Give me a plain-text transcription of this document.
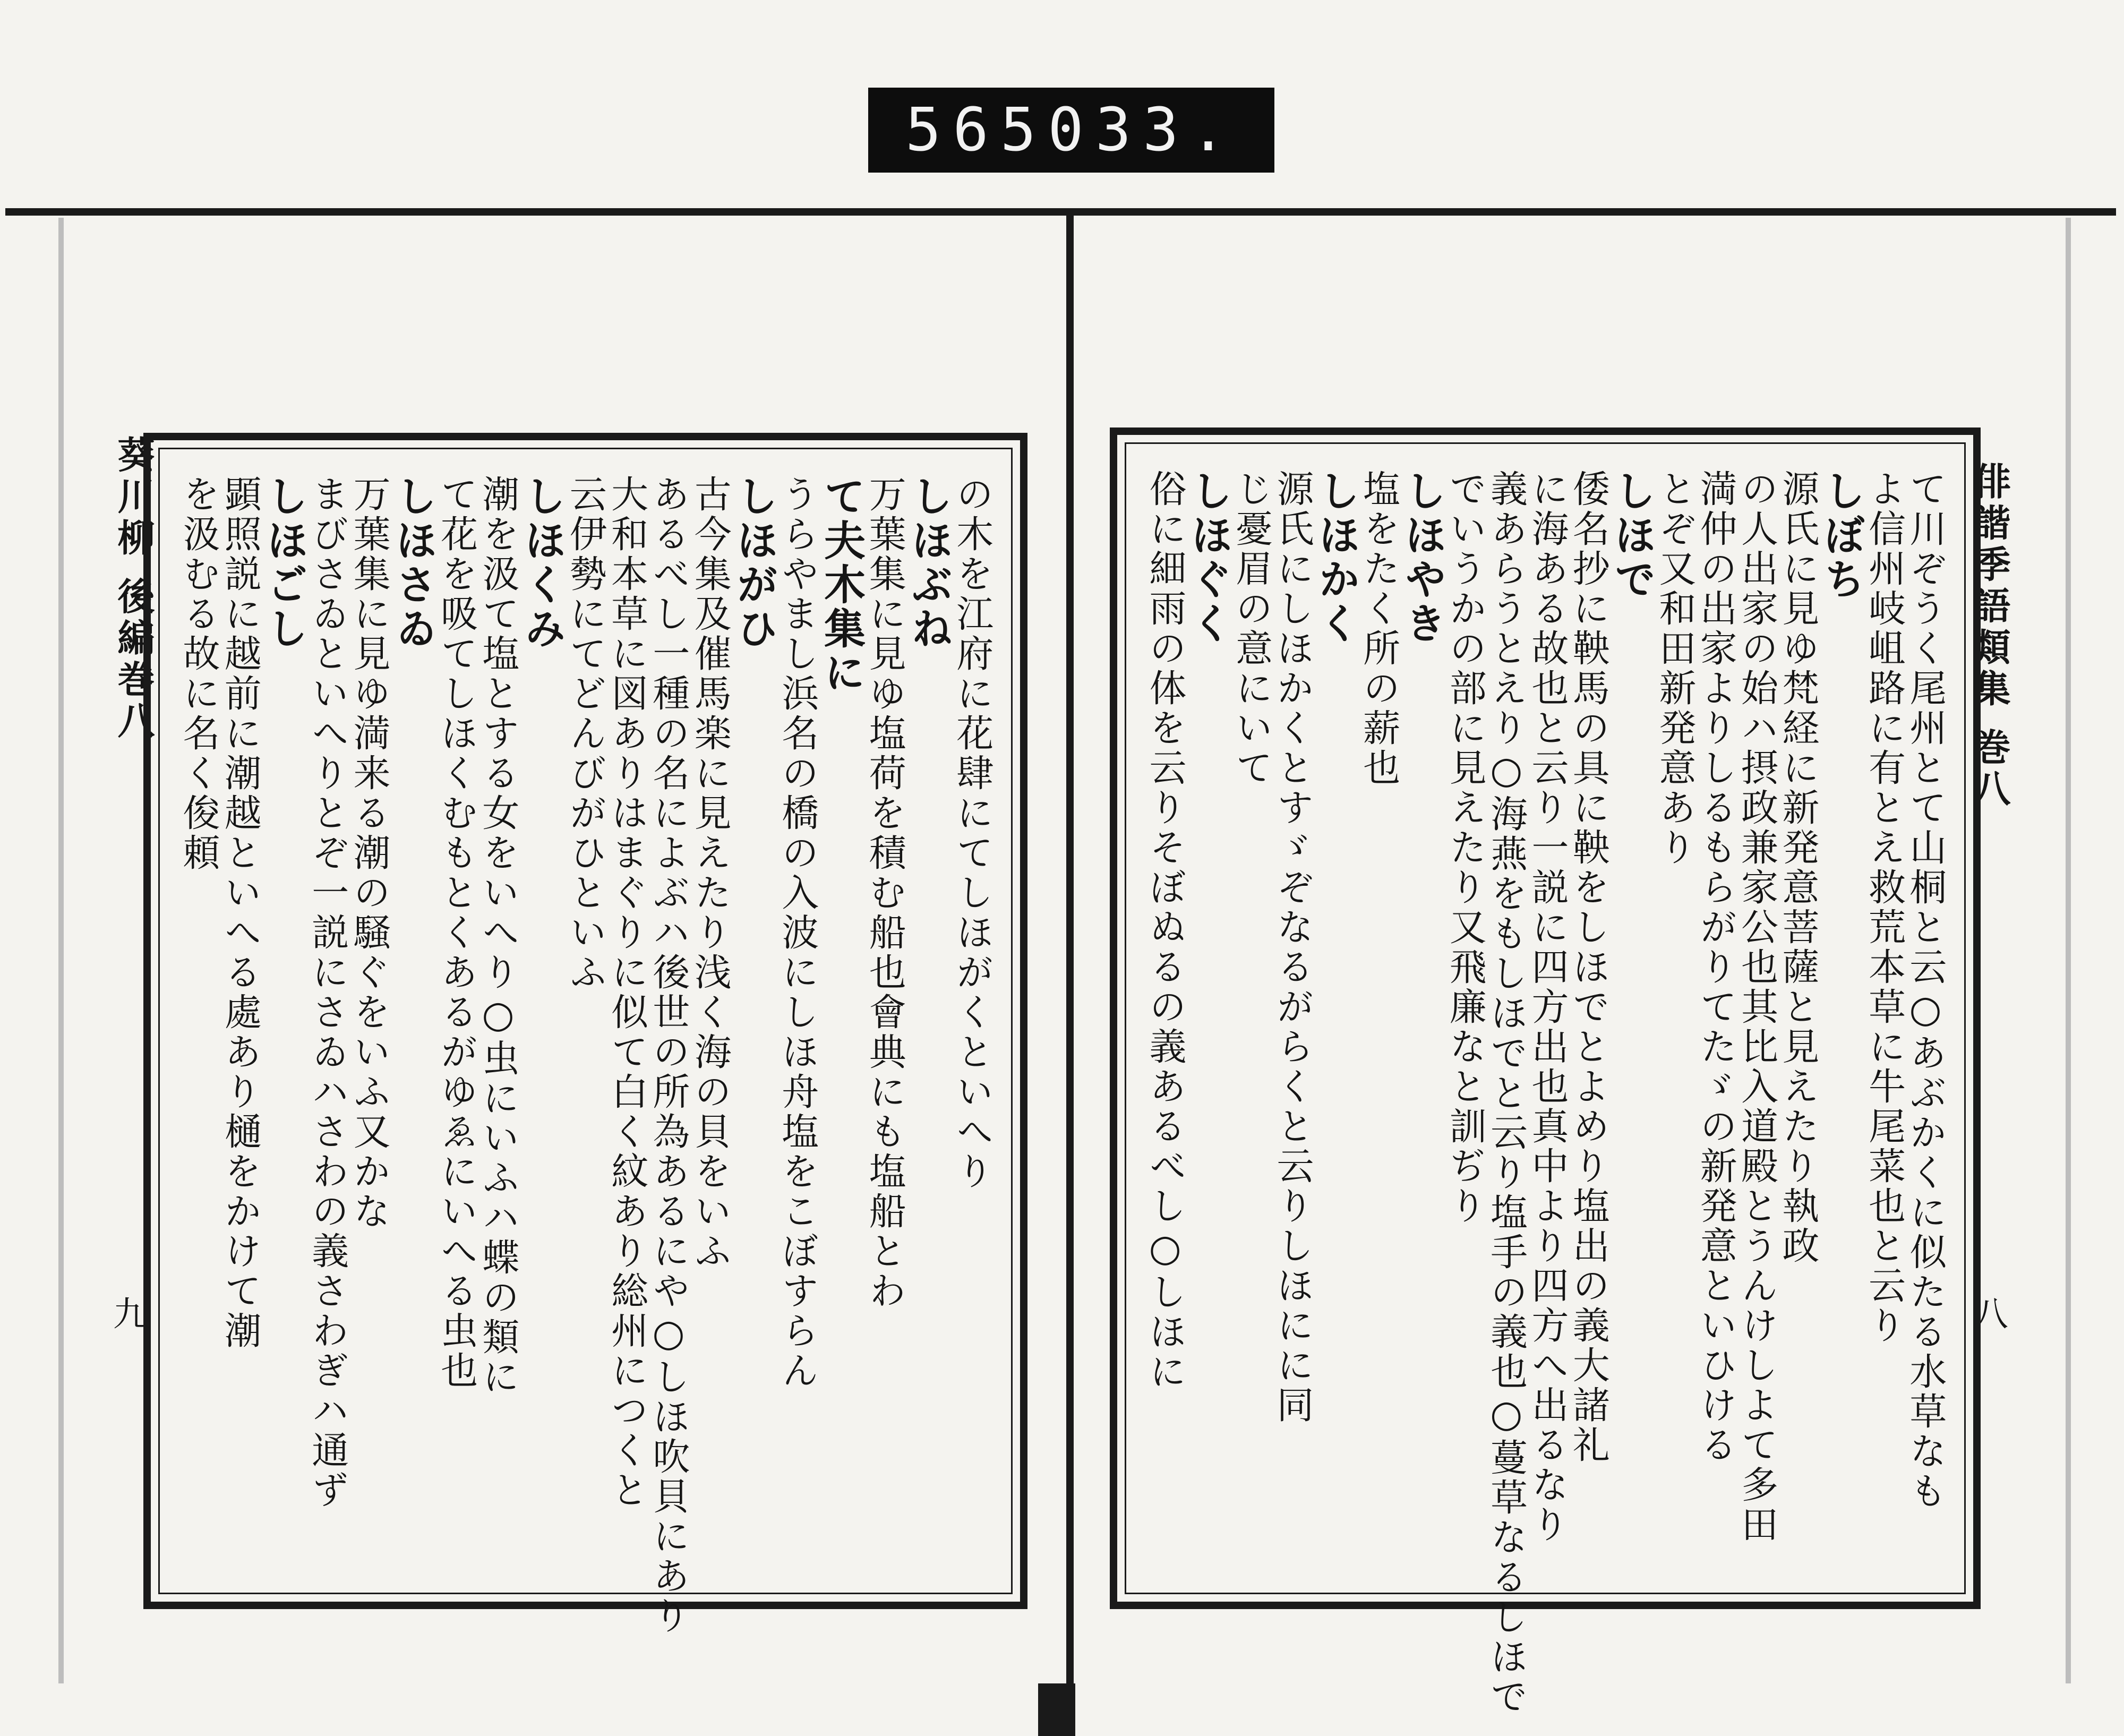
565 033.
葵川柳 後編巻八
九
俳諧季語類集 巻八
八
て川ぞうく尾州とて山桐と云○あぶかくに似たる水草なも
よ信州岐岨路に有とえ救荒本草に牛尾菜也と云り
しぼち
源氏に見ゆ梵経に新発意菩薩と見えたり執政
の人出家の始ハ摂政兼家公也其比入道殿とうんけしよて多田
満仲の出家よりしるもらがりてたゞの新発意といひける
とぞ又和田新発意あり
しほで
倭名抄に鞅馬の具に鞅をしほでとよめり塩出の義大諸礼
に海ある故也と云り一説に四方出也真中より四方へ出るなり
義あらうとえり○海燕をもしほでと云り塩手の義也○蔓草なるしほで
でいうかの部に見えたり又飛廉なと訓ぢり
しほやき
塩をたく所の薪也
しほかく
源氏にしほかくとすゞぞなるがらくと云りしほにに同
じ憂眉の意にいて
しほぐく
俗に細雨の体を云りそぼぬるの義あるべし○しほに
の木を江府に花肆にてしほがくといへり
しほぶね
万葉集に見ゆ塩荷を積む船也會典にも塩船とわ
て夫木集に
うらやまし浜名の橋の入波にしほ舟塩をこぼすらん
しほがひ
古今集及催馬楽に見えたり浅く海の貝をいふ
あるべし一種の名によぶハ後世の所為あるにや○しほ吹貝にあり
大和本草に図ありはまぐりに似て白く紋あり総州につくと
云伊勢にてどんびがひといふ
しほくみ
潮を汲て塩とする女をいへり○虫にいふハ蝶の類に
て花を吸てしほくむもとくあるがゆゑにいへる虫也
しほさゐ
万葉集に見ゆ満来る潮の騒ぐをいふ又かな
まびさゐといへりとぞ一説にさゐハさわの義さわぎハ通ず
しほごし
顕照説に越前に潮越といへる處あり樋をかけて潮
を汲むる故に名く俊頼
